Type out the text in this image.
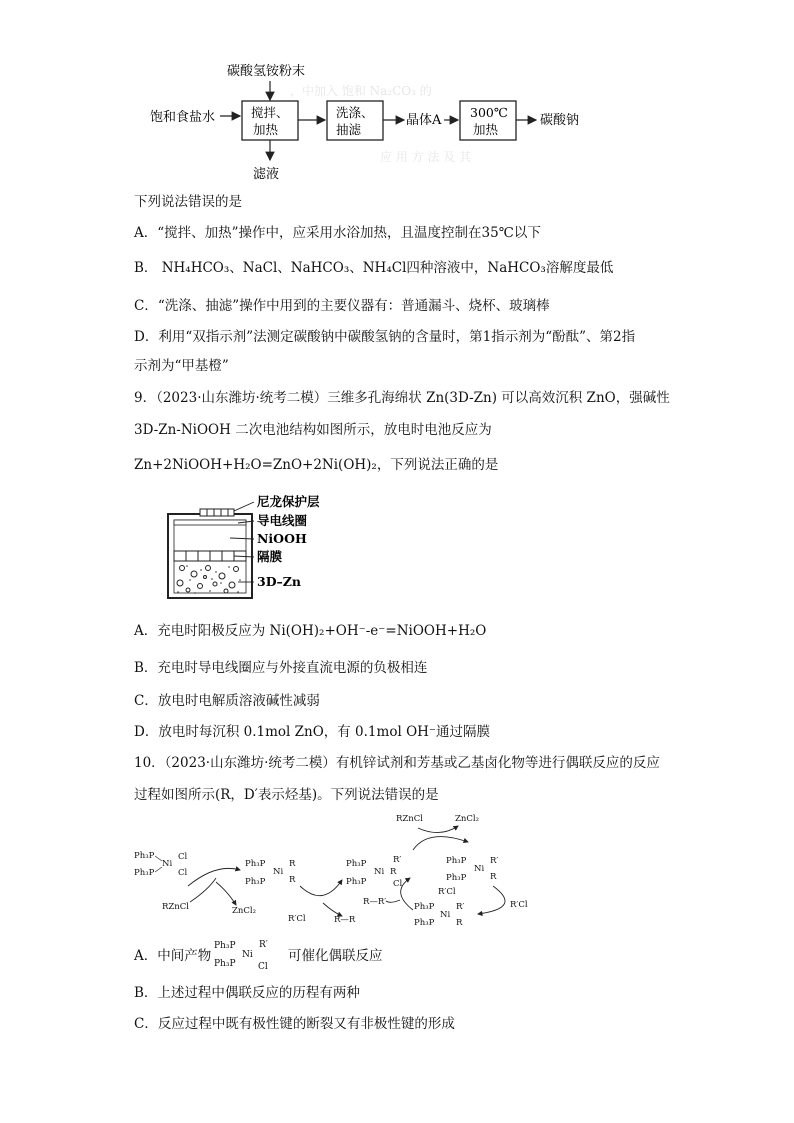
，中加入 饱和 Na₂CO₃ 的
应 用 方 法 及 其
碳酸氢铵粉末
饱和食盐水	搅拌、
加热
滤液
洗涤、
抽滤
晶体A
300℃
加热
碳酸钠
下列说法错误的是
A．“搅拌、加热”操作中，应采用水浴加热，且温度控制在35℃以下
B． NH₄HCO₃、NaCl、NaHCO₃、NH₄Cl四种溶液中，NaHCO₃溶解度最低
C．“洗涤、抽滤”操作中用到的主要仪器有：普通漏斗、烧杯、玻璃棒
D．利用“双指示剂”法测定碳酸钠中碳酸氢钠的含量时，第1指示剂为“酚酞”、第2指
示剂为“甲基橙”
9．（2023·山东潍坊·统考二模）三维多孔海绵状 Zn(3D-Zn) 可以高效沉积 ZnO，强碱性
3D-Zn-NiOOH 二次电池结构如图所示，放电时电池反应为
Zn+2NiOOH+H₂O=ZnO+2Ni(OH)₂，下列说法正确的是
尼龙保护层
导电线圈
NiOOH
隔膜
3D–Zn
A．充电时阳极反应为 Ni(OH)₂+OH⁻-e⁻=NiOOH+H₂O
B．充电时导电线圈应与外接直流电源的负极相连
C．放电时电解质溶液碱性减弱
D．放电时每沉积 0.1mol ZnO，有 0.1mol OH⁻通过隔膜
10．（2023·山东潍坊·统考二模）有机锌试剂和芳基或乙基卤化物等进行偶联反应的反应
过程如图所示(R，D′表示烃基)。下列说法错误的是
Ph₃P
Ph₃P
Ni
Cl
Cl
Ph₃P
Ph₃P
Ni
R
R
Ph₃P
Ph₃P
Ni
R′
R
Cl
Ph₃P
Ph₃P
Ni
R′
R
R′Cl
Ph₃P
Ph₃P
Ni
R′
R
RZnCl	ZnCl₂
R′Cl	R—R
R—R′
RZnCl	ZnCl₂
R′Cl
A．中间产物
Ph₃P
Ph₃P
Ni
R′
Cl
可催化偶联反应
B．上述过程中偶联反应的历程有两种
C．反应过程中既有极性键的断裂又有非极性键的形成
